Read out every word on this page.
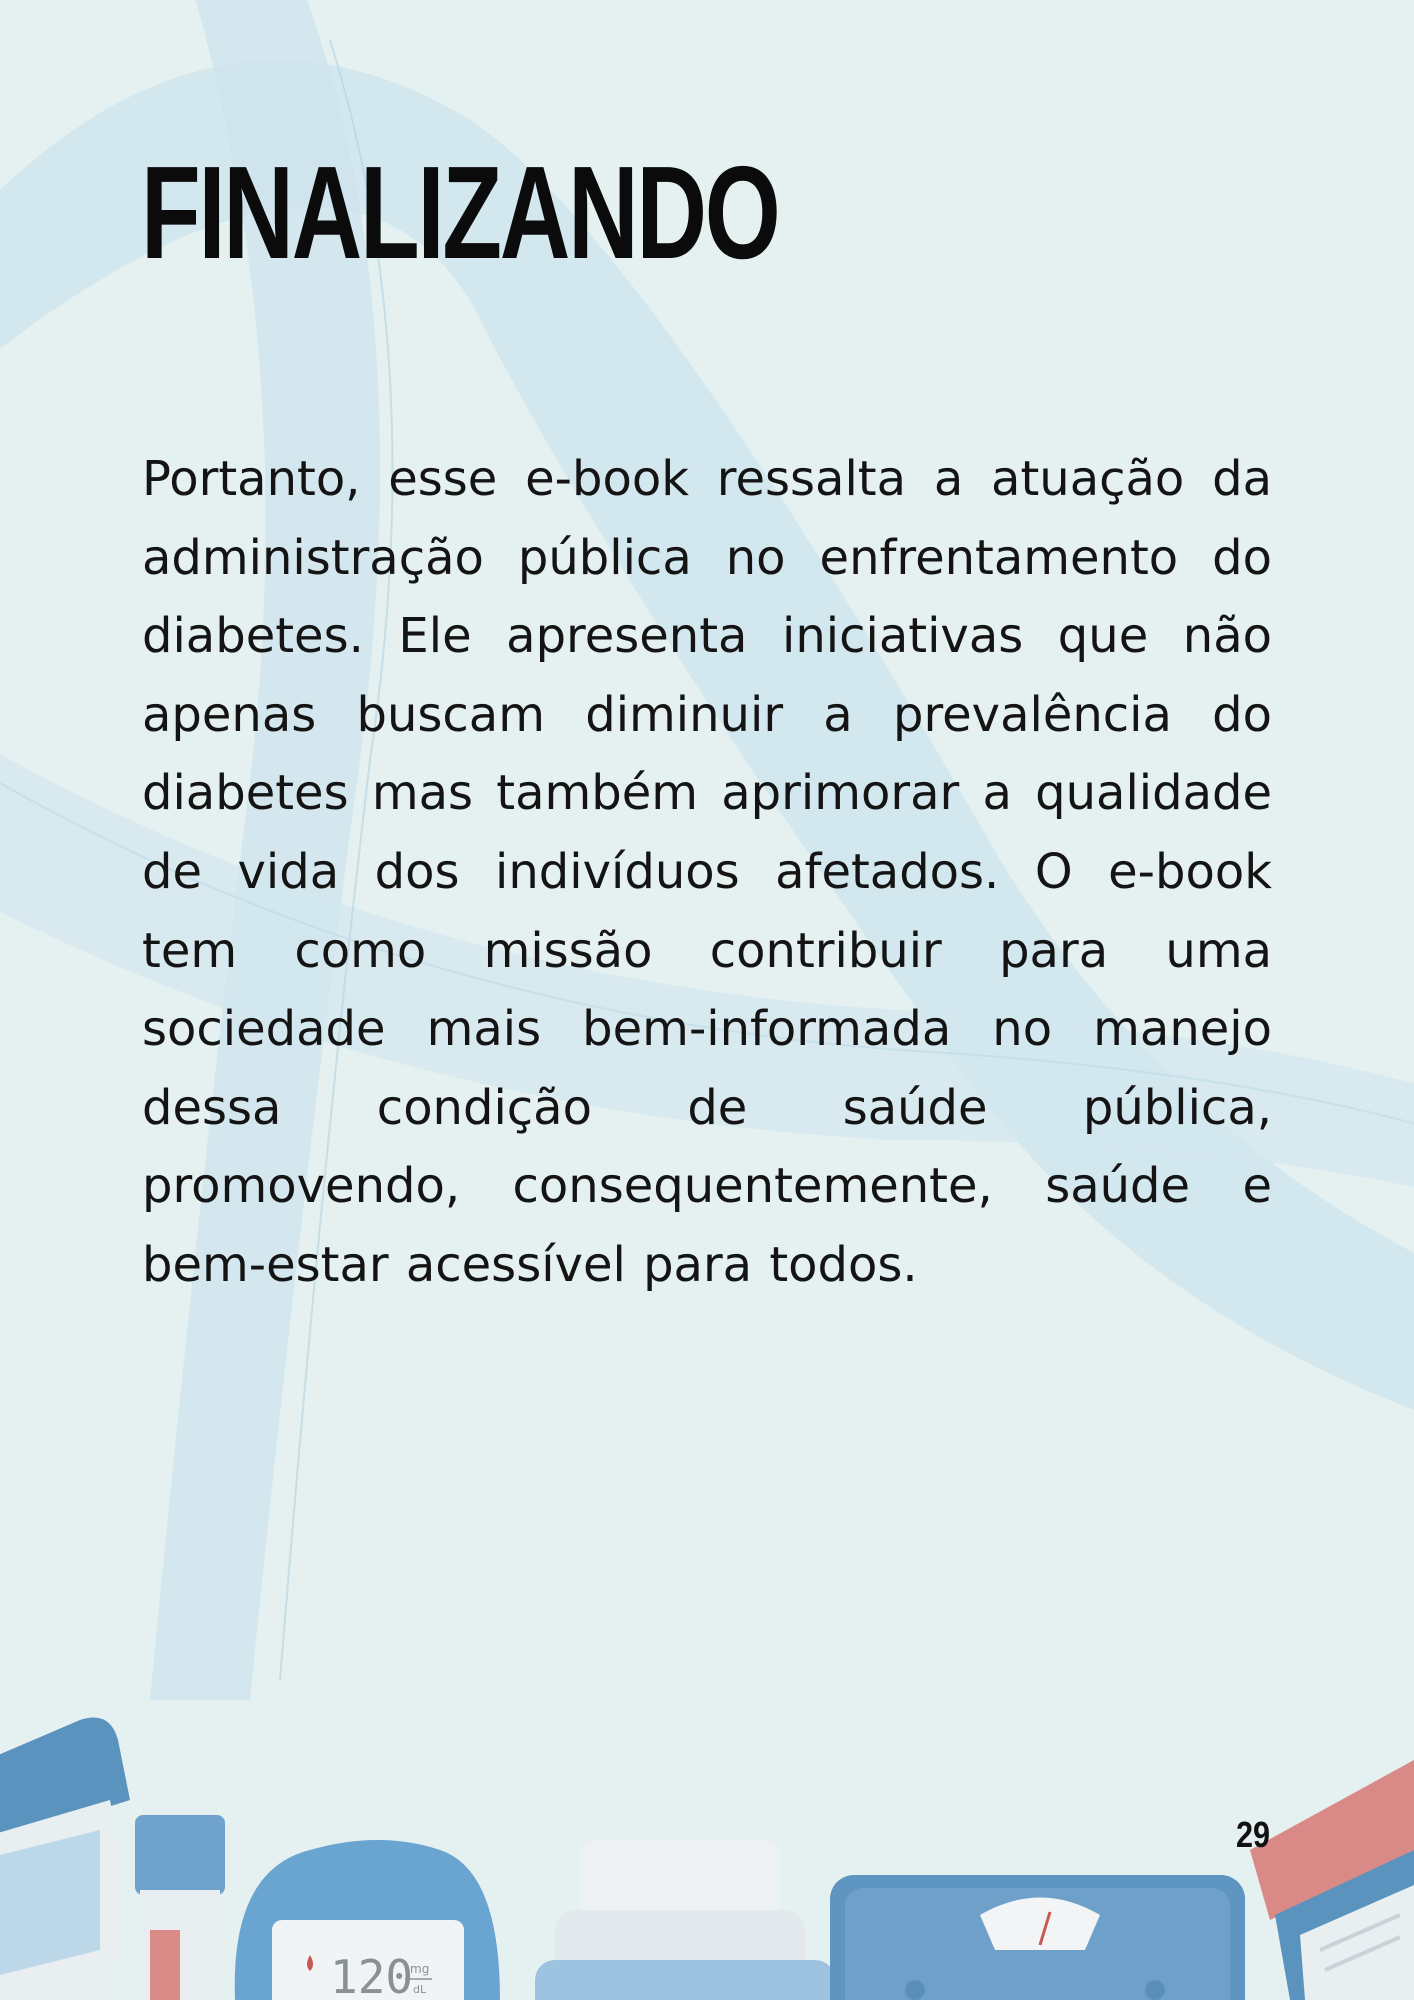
FINALIZANDO

Portanto, esse e-book ressalta a atuação da administração pública no enfrentamento do diabetes. Ele apresenta iniciativas que não apenas buscam diminuir a prevalência do diabetes mas também aprimorar a qualidade de vida dos indivíduos afetados. O e-book tem como missão contribuir para uma sociedade mais bem-informada no manejo dessa condição de saúde pública, promovendo, consequentemente, saúde e bem-estar acessível para todos.

120
mg
dL
29
